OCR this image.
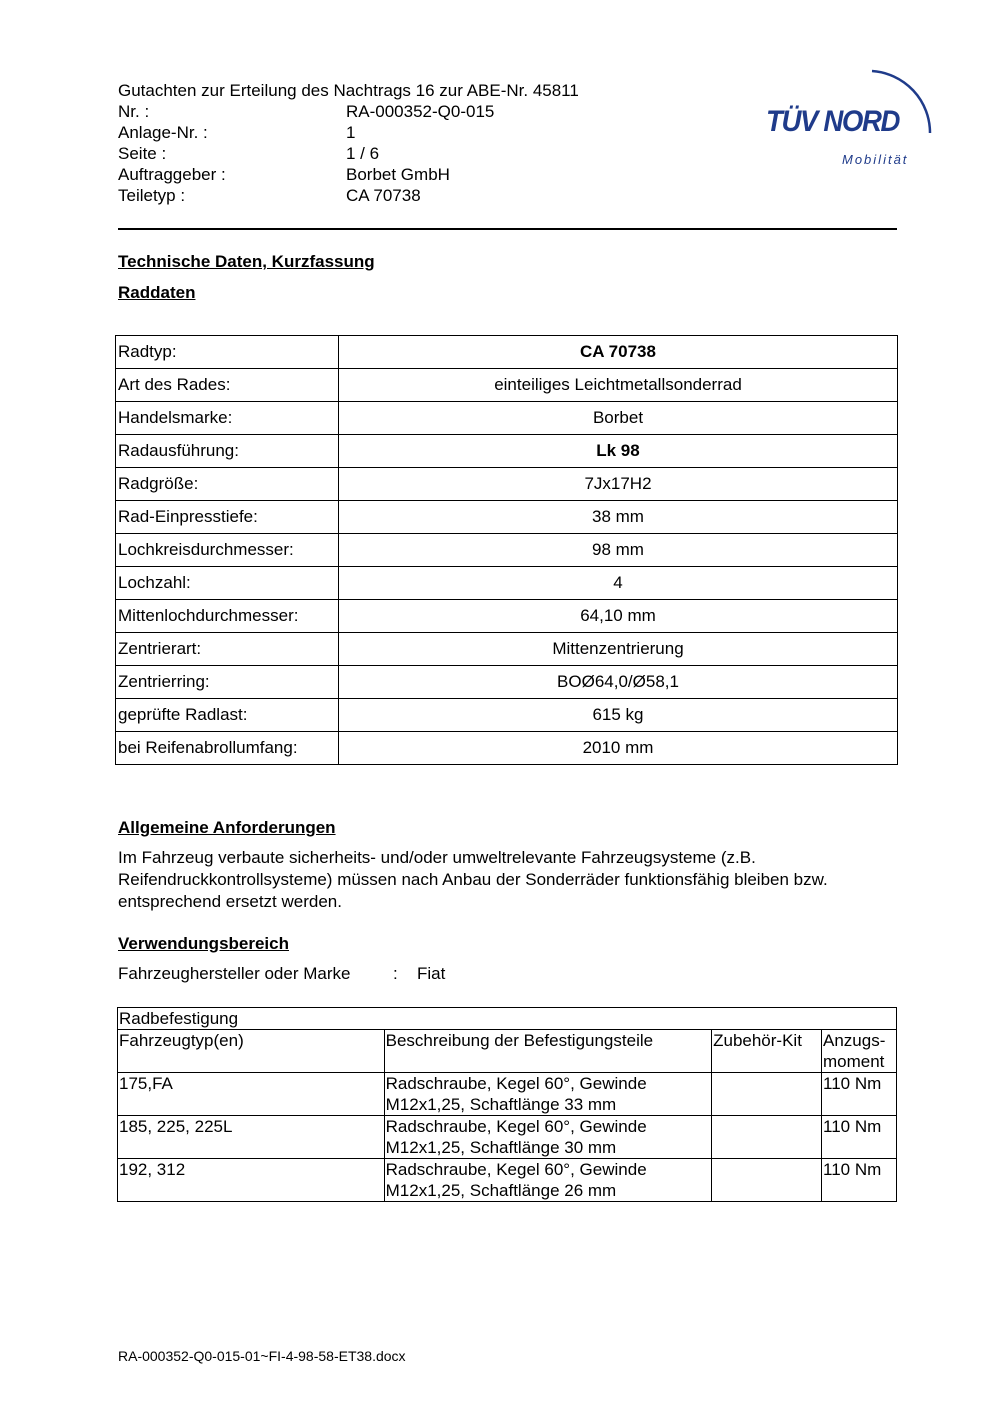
Gutachten zur Erteilung des Nachtrags 16 zur ABE-Nr. 45811
Nr. :	RA-000352-Q0-015
Anlage-Nr. :	1
Seite :	1 / 6
Auftraggeber :	Borbet GmbH
Teiletyp :	CA 70738
TÜV NORD
Mobilität
Technische Daten, Kurzfassung
Raddaten
Radtyp:	CA 70738
Art des Rades:	einteiliges Leichtmetallsonderrad
Handelsmarke:	Borbet
Radausführung:	Lk 98
Radgröße:	7Jx17H2
Rad-Einpresstiefe:	38 mm
Lochkreisdurchmesser:	98 mm
Lochzahl:	4
Mittenlochdurchmesser:	64,10 mm
Zentrierart:	Mittenzentrierung
Zentrierring:	BOØ64,0/Ø58,1
geprüfte Radlast:	615 kg
bei Reifenabrollumfang:	2010 mm
Allgemeine Anforderungen
Im Fahrzeug verbaute sicherheits- und/oder umweltrelevante Fahrzeugsysteme (z.B.
Reifendruckkontrollsysteme) müssen nach Anbau der Sonderräder funktionsfähig bleiben bzw.
entsprechend ersetzt werden.
Verwendungsbereich
Fahrzeughersteller oder Marke	: Fiat
Radbefestigung			
Fahrzeugtyp(en)	Beschreibung der Befestigungsteile	Zubehör-Kit	Anzugs-
moment

175,FA	Radschraube, Kegel 60°, Gewinde
M12x1,25, Schaftlänge 33 mm		110 Nm
185, 225, 225L	Radschraube, Kegel 60°, Gewinde
M12x1,25, Schaftlänge 30 mm		110 Nm
192, 312	Radschraube, Kegel 60°, Gewinde
M12x1,25, Schaftlänge 26 mm		110 Nm
RA-000352-Q0-015-01~FI-4-98-58-ET38.docx
